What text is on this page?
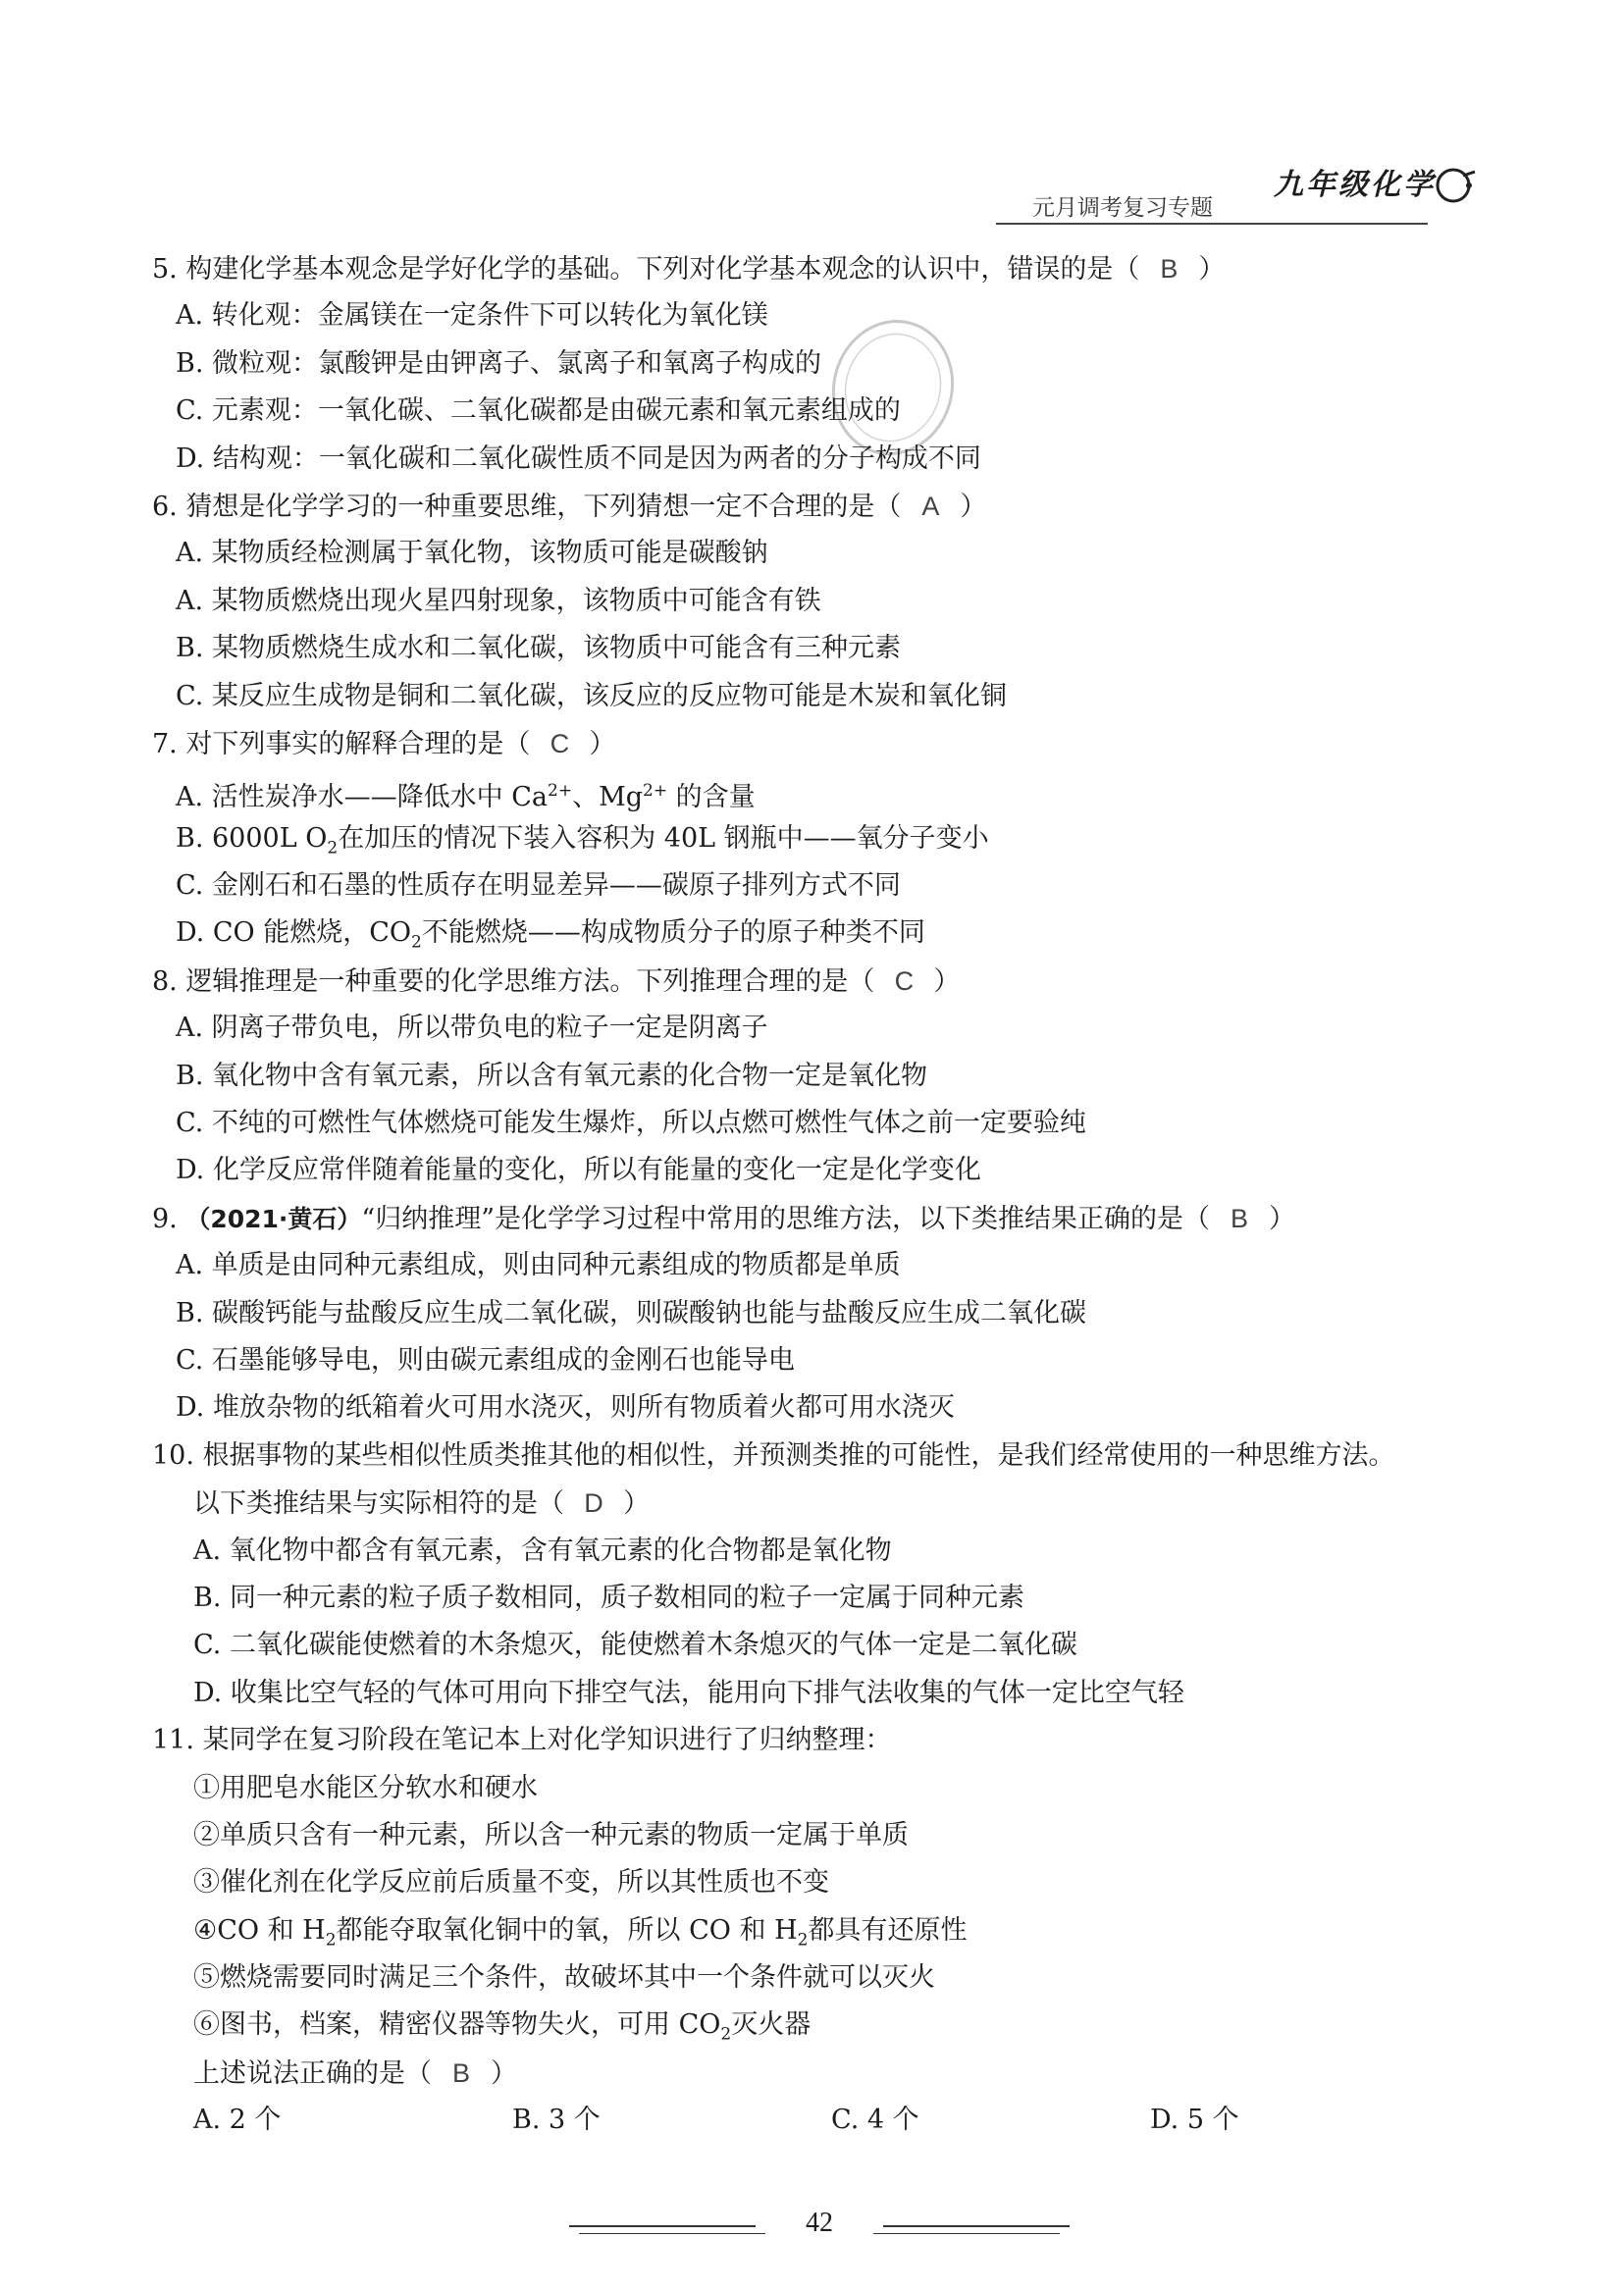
九年级化学
元月调考复习专题
5. 构建化学基本观念是学好化学的基础。下列对化学基本观念的认识中，错误的是（ B ）
A. 转化观：金属镁在一定条件下可以转化为氧化镁
B. 微粒观：氯酸钾是由钾离子、氯离子和氧离子构成的
C. 元素观：一氧化碳、二氧化碳都是由碳元素和氧元素组成的
D. 结构观：一氧化碳和二氧化碳性质不同是因为两者的分子构成不同
6. 猜想是化学学习的一种重要思维，下列猜想一定不合理的是（ A ）
A. 某物质经检测属于氧化物，该物质可能是碳酸钠
A. 某物质燃烧出现火星四射现象，该物质中可能含有铁
B. 某物质燃烧生成水和二氧化碳，该物质中可能含有三种元素
C. 某反应生成物是铜和二氧化碳，该反应的反应物可能是木炭和氧化铜
7. 对下列事实的解释合理的是（ C ）
A. 活性炭净水——降低水中 $Ca^{2+}$、$Mg^{2+}$ 的含量
B. 6000L $O_2$在加压的情况下装入容积为 40L 钢瓶中——氧分子变小
C. 金刚石和石墨的性质存在明显差异——碳原子排列方式不同
D. CO 能燃烧，$CO_2$不能燃烧——构成物质分子的原子种类不同
8. 逻辑推理是一种重要的化学思维方法。下列推理合理的是（ C ）
A. 阴离子带负电，所以带负电的粒子一定是阴离子
B. 氧化物中含有氧元素，所以含有氧元素的化合物一定是氧化物
C. 不纯的可燃性气体燃烧可能发生爆炸，所以点燃可燃性气体之前一定要验纯
D. 化学反应常伴随着能量的变化，所以有能量的变化一定是化学变化
9. （2021·黄石）“归纳推理”是化学学习过程中常用的思维方法，以下类推结果正确的是（ B ）
A. 单质是由同种元素组成，则由同种元素组成的物质都是单质
B. 碳酸钙能与盐酸反应生成二氧化碳，则碳酸钠也能与盐酸反应生成二氧化碳
C. 石墨能够导电，则由碳元素组成的金刚石也能导电
D. 堆放杂物的纸箱着火可用水浇灭，则所有物质着火都可用水浇灭
10. 根据事物的某些相似性质类推其他的相似性，并预测类推的可能性，是我们经常使用的一种思维方法。
以下类推结果与实际相符的是（ D ）
A. 氧化物中都含有氧元素，含有氧元素的化合物都是氧化物
B. 同一种元素的粒子质子数相同，质子数相同的粒子一定属于同种元素
C. 二氧化碳能使燃着的木条熄灭，能使燃着木条熄灭的气体一定是二氧化碳
D. 收集比空气轻的气体可用向下排空气法，能用向下排气法收集的气体一定比空气轻
11. 某同学在复习阶段在笔记本上对化学知识进行了归纳整理：
①用肥皂水能区分软水和硬水
②单质只含有一种元素，所以含一种元素的物质一定属于单质
③催化剂在化学反应前后质量不变，所以其性质也不变
④CO 和 $H_2$都能夺取氧化铜中的氧，所以 CO 和 $H_2$都具有还原性
⑤燃烧需要同时满足三个条件，故破坏其中一个条件就可以灭火
⑥图书，档案，精密仪器等物失火，可用 $CO_2$灭火器
上述说法正确的是（ B ）
A. 2 个	B. 3 个	C. 4 个	D. 5 个
42
